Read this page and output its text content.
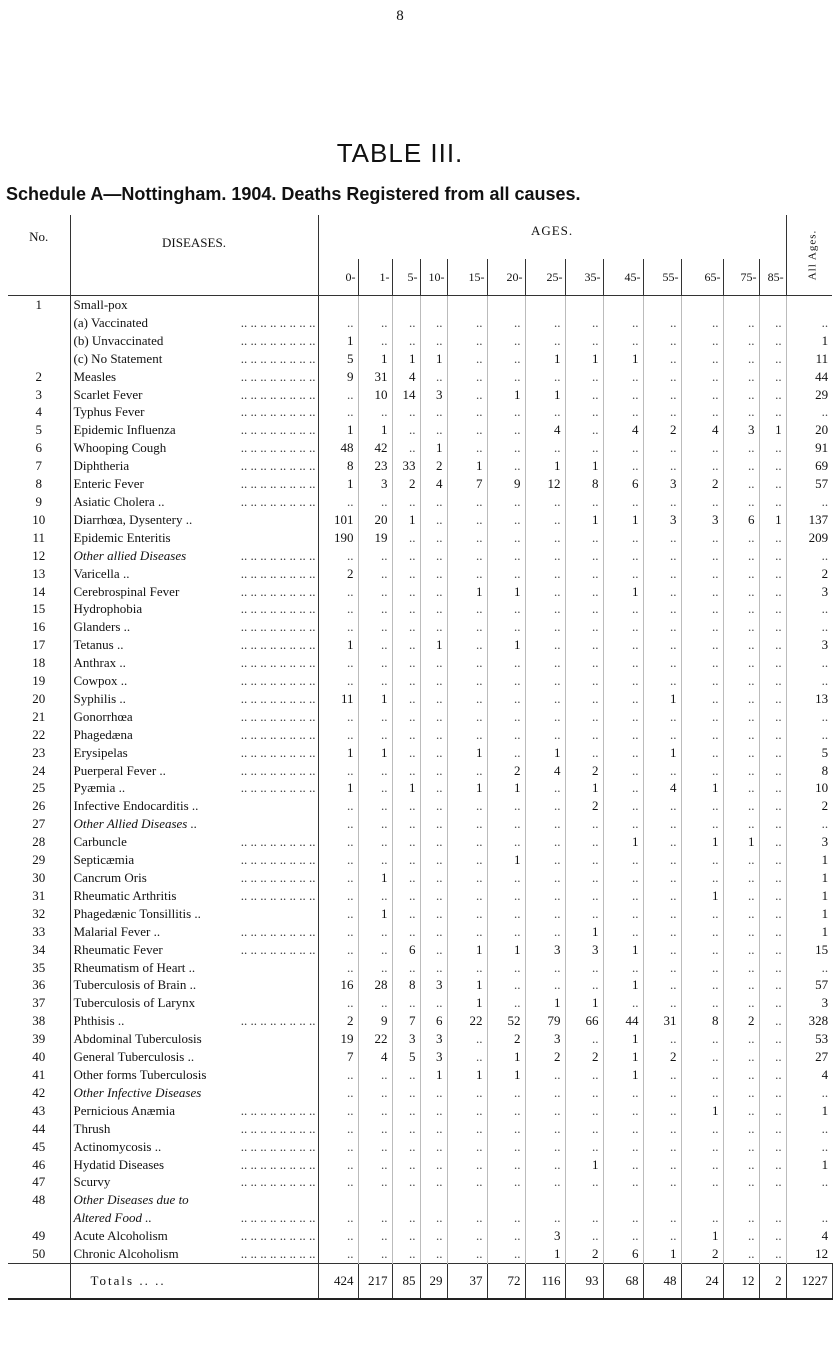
8
TABLE III.
Schedule A—Nottingham. 1904. Deaths Registered from all causes.
No.	DISEASES.	AGES.													All Ages.
		0-	1-	5-	10-	15-	20-	25-	35-	45-	55-	65-	75-	85-	
1	Small-pox														
	(a) Vaccinated .. .	..	..	..	..	..	..	..	..	..	..	..	..	..	..
	(b) Unvaccinated .. .	1	..	..	..	..	..	..	..	..	..	..	..	..	1
	(c) No Statement .. .	5	1	1	1	..	..	1	1	1	..	..	..	..	11
2	Measles .. .	9	31	4	..	..	..	..	..	..	..	..	..	..	44
3	Scarlet Fever .. .	..	10	14	3	..	1	1	..	..	..	..	..	..	29
4	Typhus Fever .. .	..	..	..	..	..	..	..	..	..	..	..	..	..	..
5	Epidemic Influenza .. .	1	1	..	..	..	..	4	..	4	2	4	3	1	20
6	Whooping Cough .. .	48	42	..	1	..	..	..	..	..	..	..	..	..	91
7	Diphtheria .. .	8	23	33	2	1	..	1	1	..	..	..	..	..	69
8	Enteric Fever .. .	1	3	2	4	7	9	12	8	6	3	2	..	..	57
9	Asiatic Cholera .. .. .	..	..	..	..	..	..	..	..	..	..	..	..	..	..
10	Diarrhœa, Dysentery ..	101	20	1	..	..	..	..	1	1	3	3	6	1	137
11	Epidemic Enteritis	190	19	..	..	..	..	..	..	..	..	..	..	..	209
12	Other allied Diseases .. .	..	..	..	..	..	..	..	..	..	..	..	..	..	..
13	Varicella .. .. .	2	..	..	..	..	..	..	..	..	..	..	..	..	2
14	Cerebrospinal Fever .. .	..	..	..	..	1	1	..	..	1	..	..	..	..	3
15	Hydrophobia .. .	..	..	..	..	..	..	..	..	..	..	..	..	..	..
16	Glanders .. .. .	..	..	..	..	..	..	..	..	..	..	..	..	..	..
17	Tetanus .. .. .	1	..	..	1	..	1	..	..	..	..	..	..	..	3
18	Anthrax .. .. .	..	..	..	..	..	..	..	..	..	..	..	..	..	..
19	Cowpox .. .. .	..	..	..	..	..	..	..	..	..	..	..	..	..	..
20	Syphilis .. .. .	11	1	..	..	..	..	..	..	..	1	..	..	..	13
21	Gonorrhœa .. .	..	..	..	..	..	..	..	..	..	..	..	..	..	..
22	Phagedæna .. .	..	..	..	..	..	..	..	..	..	..	..	..	..	..
23	Erysipelas .. .	1	1	..	..	1	..	1	..	..	1	..	..	..	5
24	Puerperal Fever .. .. .	..	..	..	..	..	2	4	2	..	..	..	..	..	8
25	Pyæmia .. .. .	1	..	1	..	1	1	..	1	..	4	1	..	..	10
26	Infective Endocarditis ..	..	..	..	..	..	..	..	2	..	..	..	..	..	2
27	Other Allied Diseases ..	..	..	..	..	..	..	..	..	..	..	..	..	..	..
28	Carbuncle .. .	..	..	..	..	..	..	..	..	1	..	1	1	..	3
29	Septicæmia .. .	..	..	..	..	..	1	..	..	..	..	..	..	..	1
30	Cancrum Oris .. .	..	1	..	..	..	..	..	..	..	..	..	..	..	1
31	Rheumatic Arthritis .. .	..	..	..	..	..	..	..	..	..	..	1	..	..	1
32	Phagedænic Tonsillitis ..	..	1	..	..	..	..	..	..	..	..	..	..	..	1
33	Malarial Fever .. .. .	..	..	..	..	..	..	..	1	..	..	..	..	..	1
34	Rheumatic Fever .. .	..	..	6	..	1	1	3	3	1	..	..	..	..	15
35	Rheumatism of Heart ..	..	..	..	..	..	..	..	..	..	..	..	..	..	..
36	Tuberculosis of Brain ..	16	28	8	3	1	..	..	..	1	..	..	..	..	57
37	Tuberculosis of Larynx	..	..	..	..	1	..	1	1	..	..	..	..	..	3
38	Phthisis .. .. .	2	9	7	6	22	52	79	66	44	31	8	2	..	328
39	Abdominal Tuberculosis	19	22	3	3	..	2	3	..	1	..	..	..	..	53
40	General Tuberculosis ..	7	4	5	3	..	1	2	2	1	2	..	..	..	27
41	Other forms Tuberculosis	..	..	..	1	1	1	..	..	1	..	..	..	..	4
42	Other Infective Diseases	..	..	..	..	..	..	..	..	..	..	..	..	..	..
43	Pernicious Anæmia .. .	..	..	..	..	..	..	..	..	..	..	1	..	..	1
44	Thrush .. .	..	..	..	..	..	..	..	..	..	..	..	..	..	..
45	Actinomycosis .. .. .	..	..	..	..	..	..	..	..	..	..	..	..	..	..
46	Hydatid Diseases .. .	..	..	..	..	..	..	..	1	..	..	..	..	..	1
47	Scurvy .. .	..	..	..	..	..	..	..	..	..	..	..	..	..	..
48	Other Diseases due to														
	Altered Food .. .. .	..	..	..	..	..	..	..	..	..	..	..	..	..	..
49	Acute Alcoholism .. .	..	..	..	..	..	..	3	..	..	..	1	..	..	4
50	Chronic Alcoholism .. .	..	..	..	..	..	..	1	2	6	1	2	..	..	12
	Totals .. ..	424	217	85	29	37	72	116	93	68	48	24	12	2	1227
